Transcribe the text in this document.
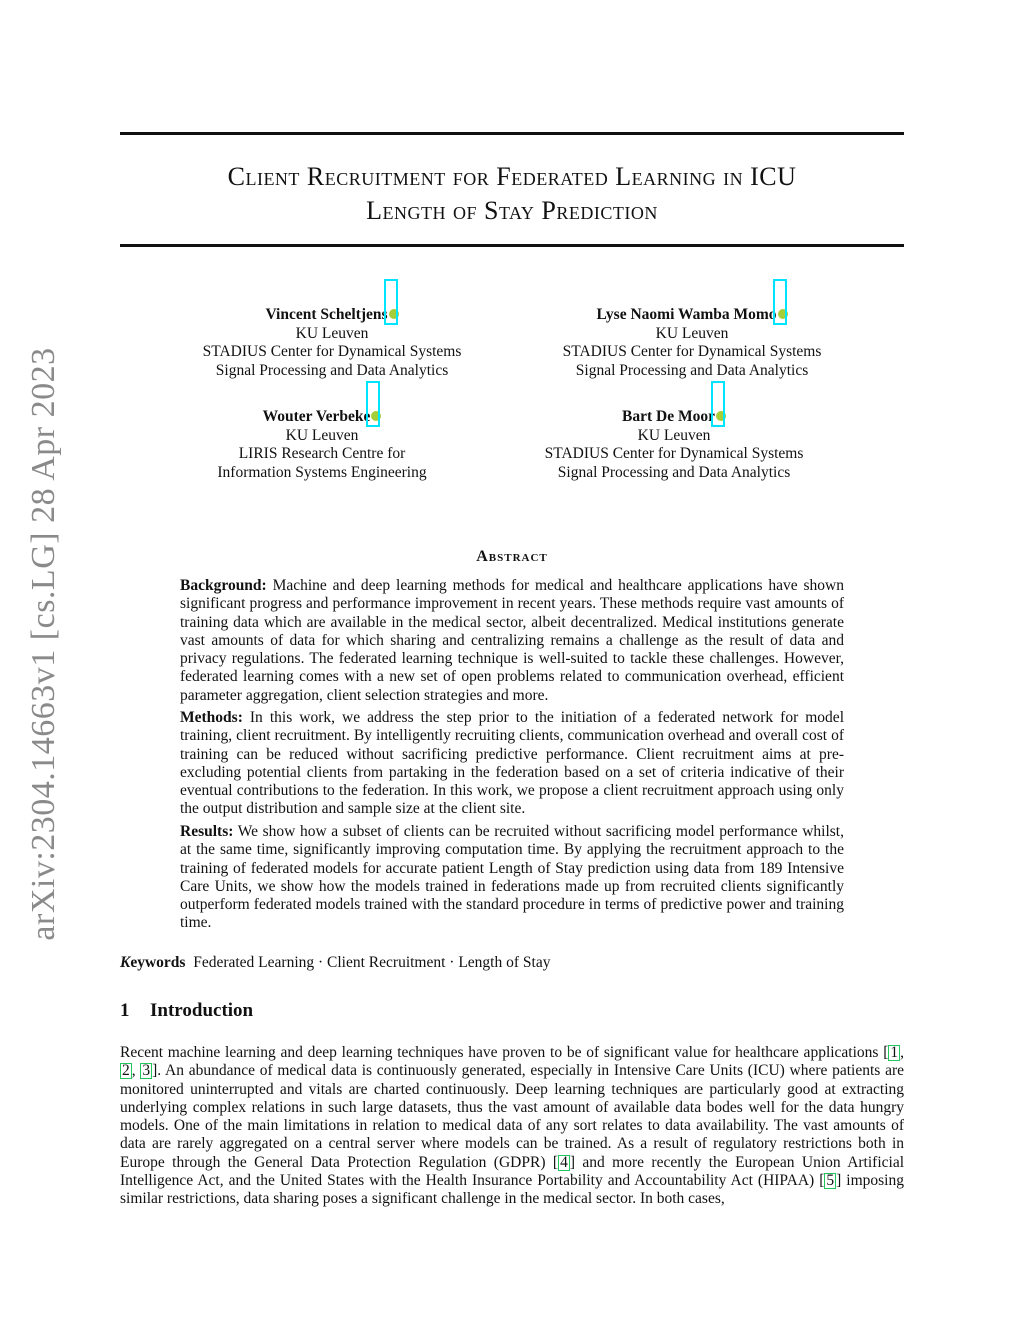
arXiv:2304.14663v1 [cs.LG] 28 Apr 2023
Client Recruitment for Federated Learning in ICU
Length of Stay Prediction
Vincent Scheltjens
KU Leuven
STADIUS Center for Dynamical Systems
Signal Processing and Data Analytics
Lyse Naomi Wamba Momo
KU Leuven
STADIUS Center for Dynamical Systems
Signal Processing and Data Analytics
Wouter Verbeke
KU Leuven
LIRIS Research Centre for
Information Systems Engineering
Bart De Moor
KU Leuven
STADIUS Center for Dynamical Systems
Signal Processing and Data Analytics
Abstract

Background: Machine and deep learning methods for medical and healthcare applications have shown significant progress and performance improvement in recent years. These methods require vast amounts of training data which are available in the medical sector, albeit decentralized. Medical institutions generate vast amounts of data for which sharing and centralizing remains a challenge as the result of data and privacy regulations. The federated learning technique is well-suited to tackle these challenges. However, federated learning comes with a new set of open problems related to communication overhead, efficient parameter aggregation, client selection strategies and more.

Methods: In this work, we address the step prior to the initiation of a federated network for model training, client recruitment. By intelligently recruiting clients, communication overhead and overall cost of training can be reduced without sacrificing predictive performance. Client recruitment aims at pre-excluding potential clients from partaking in the federation based on a set of criteria indicative of their eventual contributions to the federation. In this work, we propose a client recruitment approach using only the output distribution and sample size at the client site.

Results: We show how a subset of clients can be recruited without sacrificing model performance whilst, at the same time, significantly improving computation time. By applying the recruitment approach to the training of federated models for accurate patient Length of Stay prediction using data from 189 Intensive Care Units, we show how the models trained in federations made up from recruited clients significantly outperform federated models trained with the standard procedure in terms of predictive power and training time.

Keywords Federated Learning · Client Recruitment · Length of Stay
1 Introduction

Recent machine learning and deep learning techniques have proven to be of significant value for healthcare applications [ 1 , 2 , 3 ]. An abundance of medical data is continuously generated, especially in Intensive Care Units (ICU) where patients are monitored uninterrupted and vitals are charted continuously. Deep learning techniques are particularly good at extracting underlying complex relations in such large datasets, thus the vast amount of available data bodes well for the data hungry models. One of the main limitations in relation to medical data of any sort relates to data availability. The vast amounts of data are rarely aggregated on a central server where models can be trained. As a result of regulatory restrictions both in Europe through the General Data Protection Regulation (GDPR) [ 4 ] and more recently the European Union Artificial Intelligence Act, and the United States with the Health Insurance Portability and Accountability Act (HIPAA) [ 5 ] imposing similar restrictions, data sharing poses a significant challenge in the medical sector. In both cases,
